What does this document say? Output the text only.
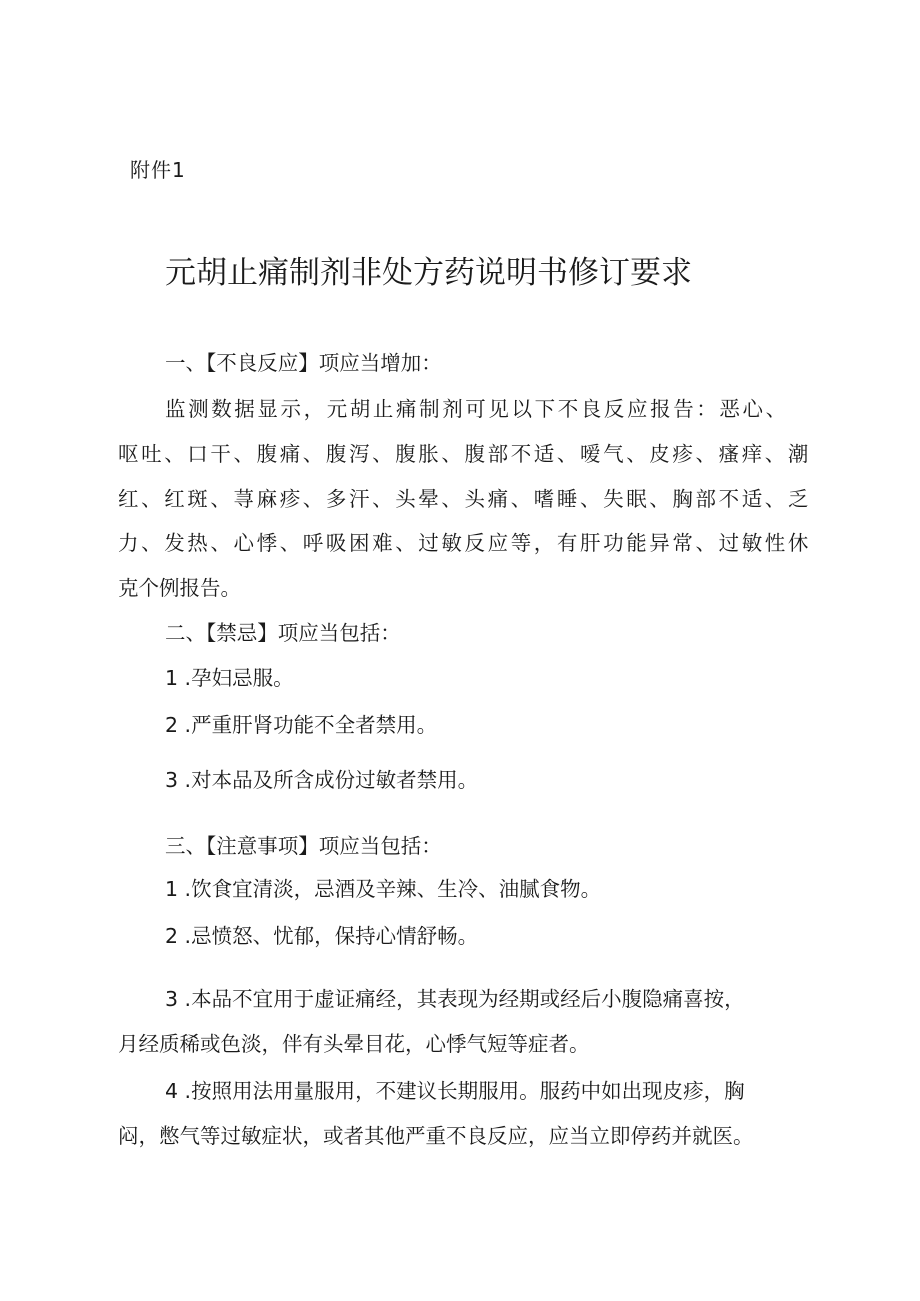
附件1
元胡止痛制剂非处方药说明书修订要求
一、【不良反应】项应当增加：
监测数据显示，元胡止痛制剂可见以下不良反应报告：恶心、
呕吐、口干、腹痛、腹泻、腹胀、腹部不适、嗳气、皮疹、瘙痒、潮
红、红斑、荨麻疹、多汗、头晕、头痛、嗜睡、失眠、胸部不适、乏
力、发热、心悸、呼吸困难、过敏反应等，有肝功能异常、过敏性休
克个例报告。
二、【禁忌】项应当包括：
1 .孕妇忌服。
2 .严重肝肾功能不全者禁用。
3 .对本品及所含成份过敏者禁用。
三、【注意事项】项应当包括：
1 .饮食宜清淡，忌酒及辛辣、生冷、油腻食物。
2 .忌愤怒、忧郁，保持心情舒畅。
3 .本品不宜用于虚证痛经，其表现为经期或经后小腹隐痛喜按，
月经质稀或色淡，伴有头晕目花，心悸气短等症者。
4 .按照用法用量服用，不建议长期服用。服药中如出现皮疹，胸
闷，憋气等过敏症状，或者其他严重不良反应，应当立即停药并就医。
